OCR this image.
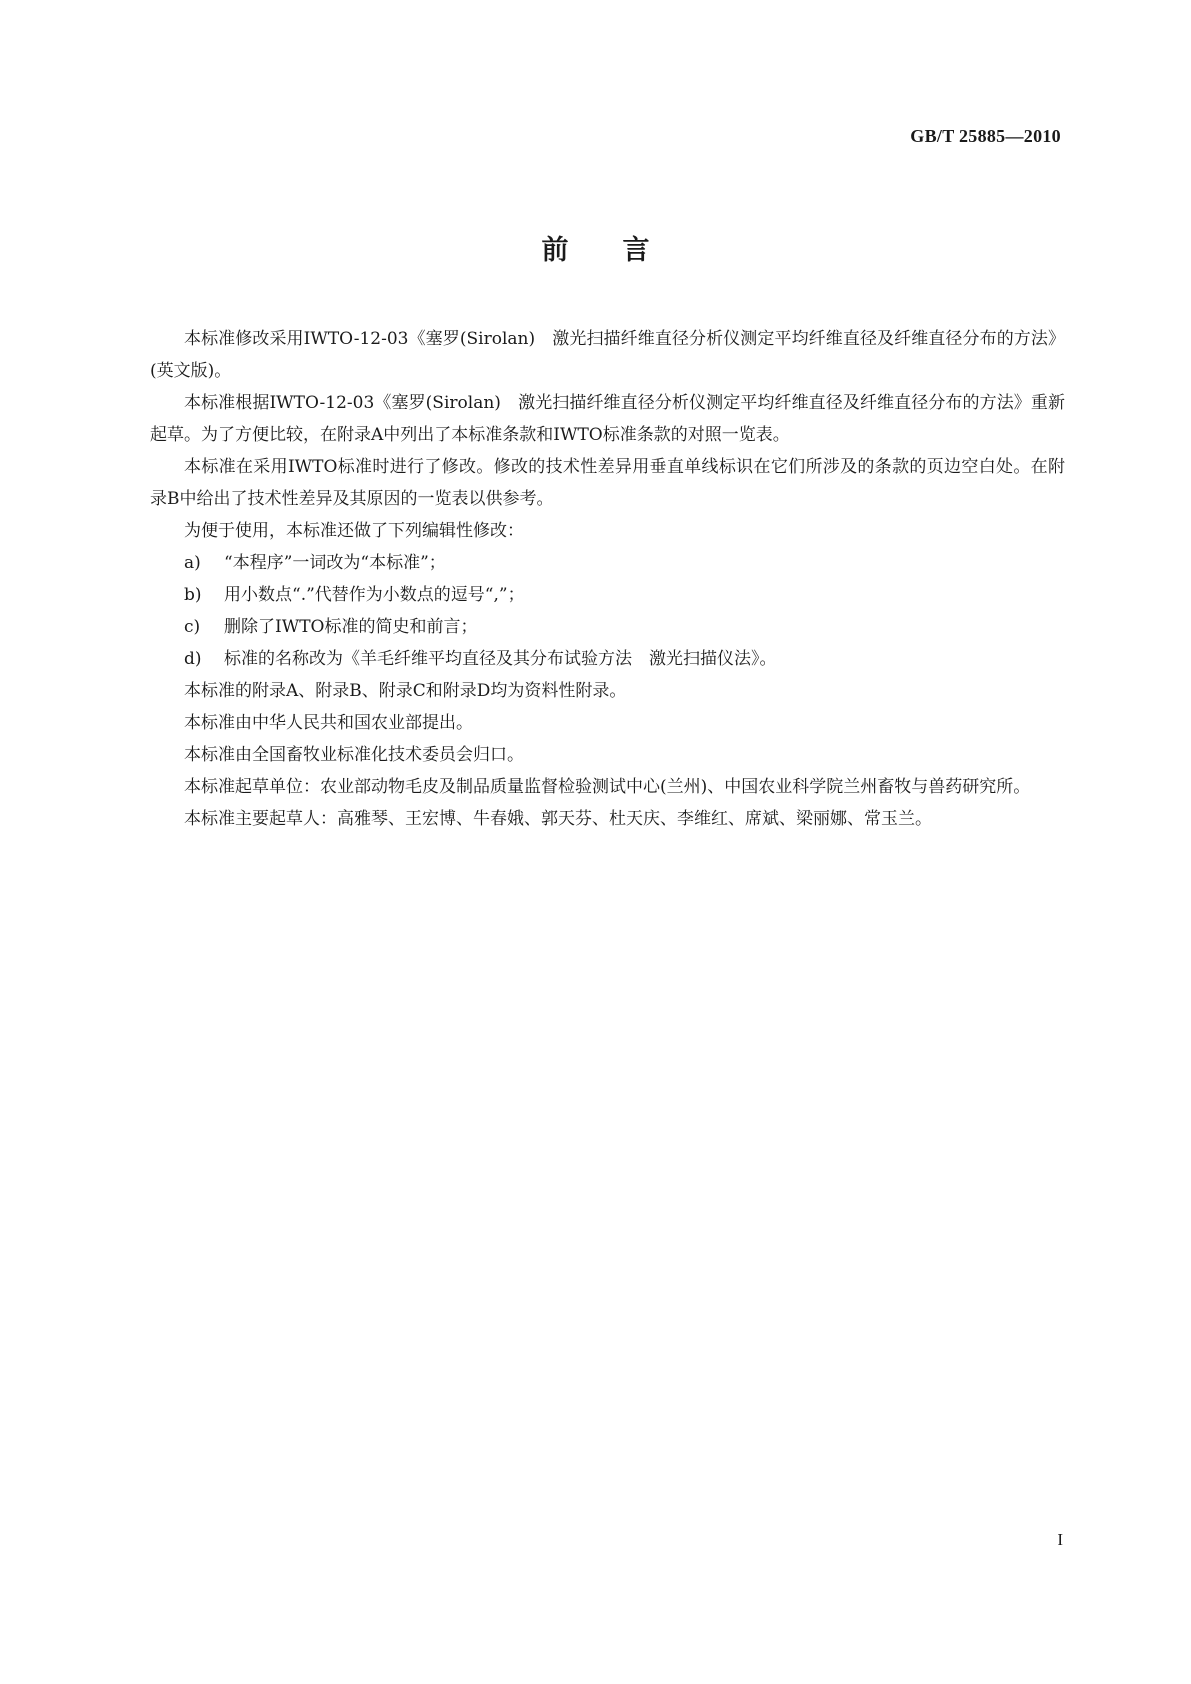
GB/T 25885—2010
前　　言

本标准修改采用IWTO-12-03《塞罗(Sirolan)　激光扫描纤维直径分析仪测定平均纤维直径及纤维直径分布的方法》(英文版)。

本标准根据IWTO-12-03《塞罗(Sirolan)　激光扫描纤维直径分析仪测定平均纤维直径及纤维直径分布的方法》重新起草。为了方便比较，在附录A中列出了本标准条款和IWTO标准条款的对照一览表。

本标准在采用IWTO标准时进行了修改。修改的技术性差异用垂直单线标识在它们所涉及的条款的页边空白处。在附录B中给出了技术性差异及其原因的一览表以供参考。

为便于使用，本标准还做了下列编辑性修改：

a) “本程序”一词改为“本标准”；

b) 用小数点“.”代替作为小数点的逗号“,”；

c) 删除了IWTO标准的简史和前言；

d) 标准的名称改为《羊毛纤维平均直径及其分布试验方法　激光扫描仪法》。

本标准的附录A、附录B、附录C和附录D均为资料性附录。

本标准由中华人民共和国农业部提出。

本标准由全国畜牧业标准化技术委员会归口。

本标准起草单位：农业部动物毛皮及制品质量监督检验测试中心(兰州)、中国农业科学院兰州畜牧与兽药研究所。

本标准主要起草人：高雅琴、王宏博、牛春娥、郭天芬、杜天庆、李维红、席斌、梁丽娜、常玉兰。

I
